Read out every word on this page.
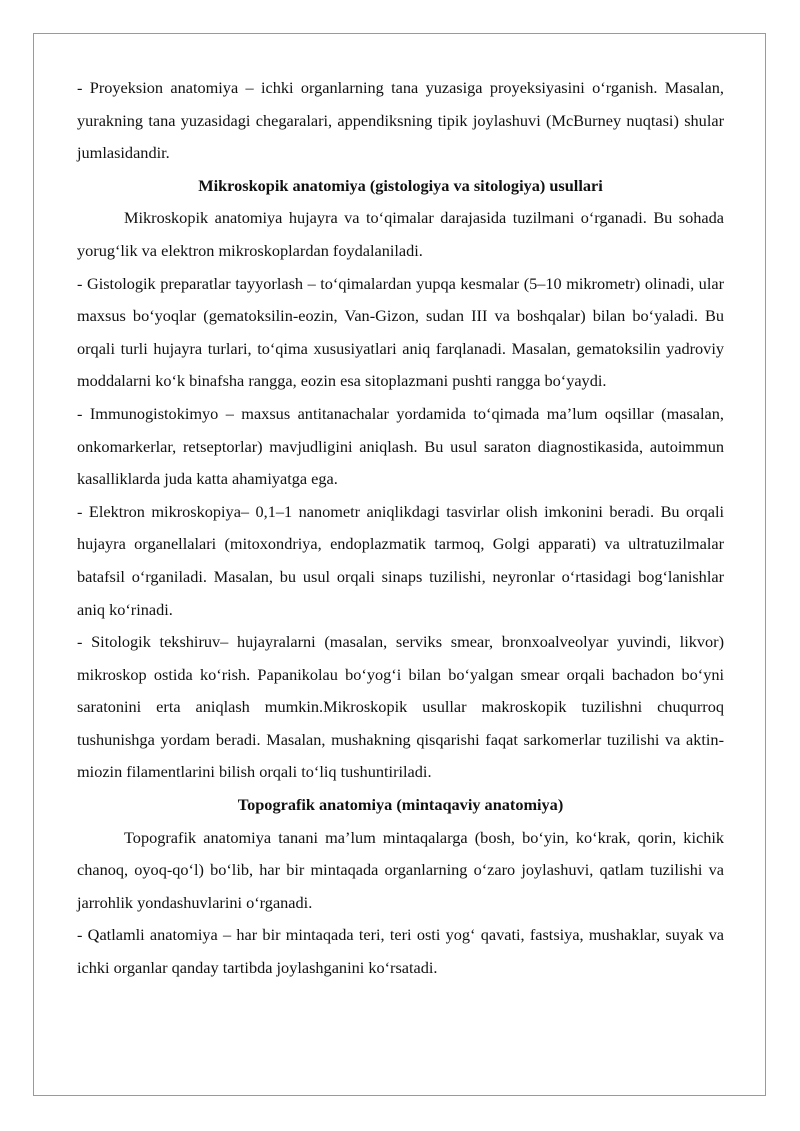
- Proyeksion anatomiya – ichki organlarning tana yuzasiga proyeksiyasini o‘rganish. Masalan, yurakning tana yuzasidagi chegaralari, appendiksning tipik joylashuvi (McBurney nuqtasi) shular jumlasidandir.

Mikroskopik anatomiya (gistologiya va sitologiya) usullari

Mikroskopik anatomiya hujayra va to‘qimalar darajasida tuzilmani o‘rganadi. Bu sohada yorug‘lik va elektron mikroskoplardan foydalaniladi.

- Gistologik preparatlar tayyorlash – to‘qimalardan yupqa kesmalar (5–10 mikrometr) olinadi, ular maxsus bo‘yoqlar (gematoksilin-eozin, Van-Gizon, sudan III va boshqalar) bilan bo‘yaladi. Bu orqali turli hujayra turlari, to‘qima xususiyatlari aniq farqlanadi. Masalan, gematoksilin yadroviy moddalarni ko‘k binafsha rangga, eozin esa sitoplazmani pushti rangga bo‘yaydi.

- Immunogistokimyo – maxsus antitanachalar yordamida to‘qimada ma’lum oqsillar (masalan, onkomarkerlar, retseptorlar) mavjudligini aniqlash. Bu usul saraton diagnostikasida, autoimmun kasalliklarda juda katta ahamiyatga ega.

- Elektron mikroskopiya– 0,1–1 nanometr aniqlikdagi tasvirlar olish imkonini beradi. Bu orqali hujayra organellalari (mitoxondriya, endoplazmatik tarmoq, Golgi apparati) va ultratuzilmalar batafsil o‘rganiladi. Masalan, bu usul orqali sinaps tuzilishi, neyronlar o‘rtasidagi bog‘lanishlar aniq ko‘rinadi.

- Sitologik tekshiruv– hujayralarni (masalan, serviks smear, bronxoalveolyar yuvindi, likvor) mikroskop ostida ko‘rish. Papanikolau bo‘yog‘i bilan bo‘yalgan smear orqali bachadon bo‘yni saratonini erta aniqlash mumkin.Mikroskopik usullar makroskopik tuzilishni chuqurroq tushunishga yordam beradi. Masalan, mushakning qisqarishi faqat sarkomerlar tuzilishi va aktin-miozin filamentlarini bilish orqali to‘liq tushuntiriladi.

Topografik anatomiya (mintaqaviy anatomiya)

Topografik anatomiya tanani ma’lum mintaqalarga (bosh, bo‘yin, ko‘krak, qorin, kichik chanoq, oyoq-qo‘l) bo‘lib, har bir mintaqada organlarning o‘zaro joylashuvi, qatlam tuzilishi va jarrohlik yondashuvlarini o‘rganadi.

- Qatlamli anatomiya – har bir mintaqada teri, teri osti yog‘ qavati, fastsiya, mushaklar, suyak va ichki organlar qanday tartibda joylashganini ko‘rsatadi.
